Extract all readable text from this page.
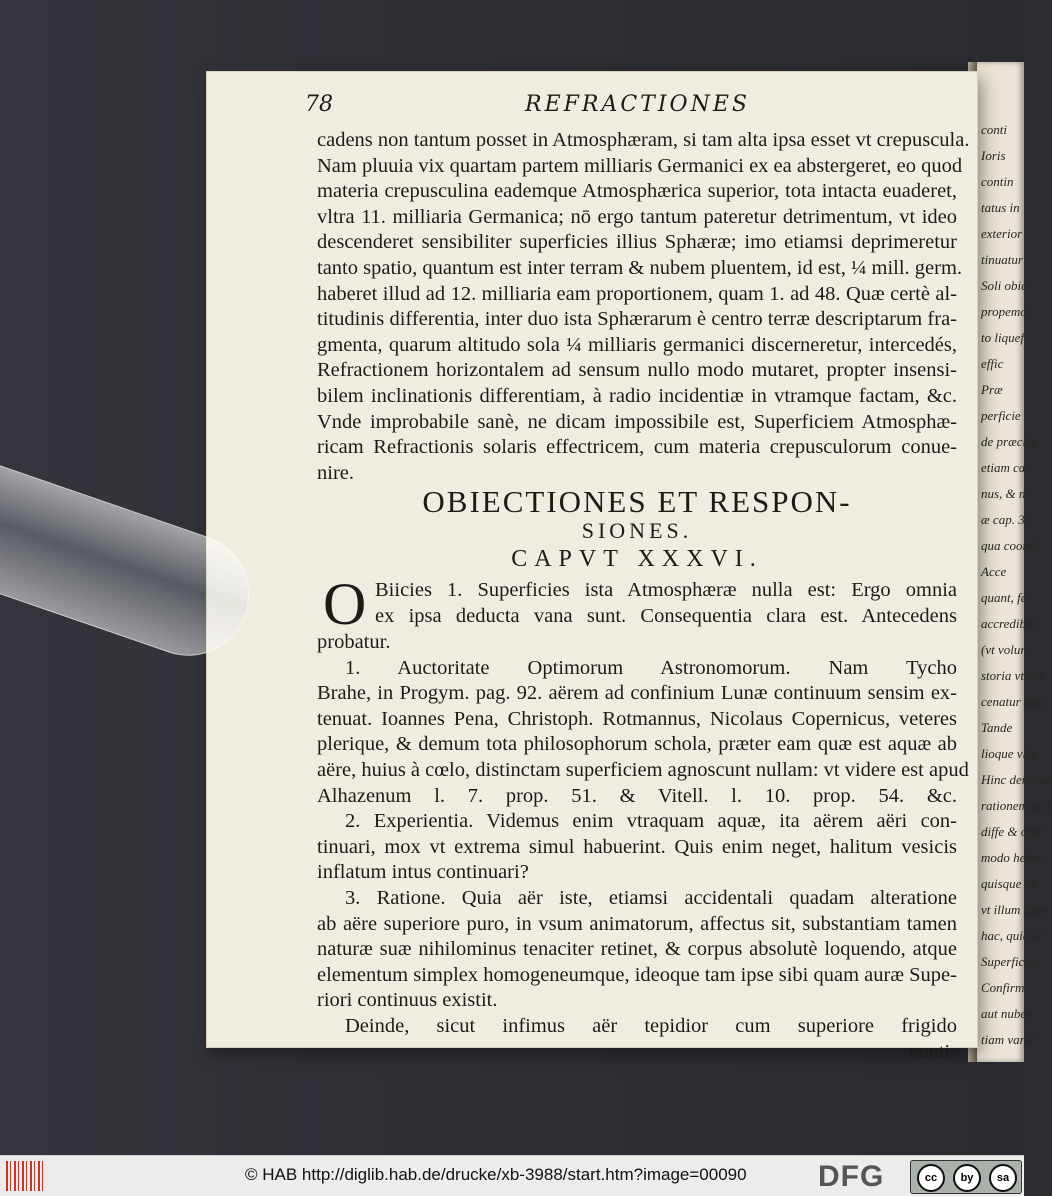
conti
Ioris
contin
tatus in
exterior
tinuatur
Soli obie
propemo
to liquef
effic
Præ
perficie
de præcifa
etiam cœl
nus, & n
æ cap. 32
qua coord
Acce
quant, fe
accredibile
(vt volunt
storia vtcun
cenatur tam
Tande
lioque vlla
Hinc densitas
rationem incl
diffe & ordi
modo heber
quisque au
vt illum fequ
hac, quia te
Superficies
Confirm
aut nubes
tiam varie
78	REFRACTIONES
cadens non tantum posset in Atmosphæram, si tam alta ipsa esset vt crepuscula.
Nam pluuia vix quartam partem milliaris Germanici ex ea abstergeret, eo quod
materia crepusculina eademque Atmosphærica superior, tota intacta euaderet,
vltra 11. milliaria Germanica; nō ergo tantum pateretur detrimentum, vt ideo
descenderet sensibiliter superficies illius Sphæræ; imo etiamsi deprimeretur
tanto spatio, quantum est inter terram & nubem pluentem, id est, ¼ mill. germ.
haberet illud ad 12. milliaria eam proportionem, quam 1. ad 48. Quæ certè al-
titudinis differentia, inter duo ista Sphærarum è centro terræ descriptarum fra-
gmenta, quarum altitudo sola ¼ milliaris germanici discerneretur, intercedés,
Refractionem horizontalem ad sensum nullo modo mutaret, propter insensi-
bilem inclinationis differentiam, à radio incidentiæ in vtramque factam, &c.
Vnde improbabile sanè, ne dicam impossibile est, Superficiem Atmosphæ-
ricam Refractionis solaris effectricem, cum materia crepusculorum conue-
nire.
OBIECTIONES ET RESPON-
SIONES.
CAPVT XXXVI.
O Biicies 1. Superficies ista Atmosphæræ nulla est: Ergo omnia
ex ipsa deducta vana sunt. Consequentia clara est. Antecedens
probatur.
1. Auctoritate Optimorum Astronomorum. Nam Tycho
Brahe, in Progym. pag. 92. aërem ad confinium Lunæ continuum sensim ex-
tenuat. Ioannes Pena, Christoph. Rotmannus, Nicolaus Copernicus, veteres
plerique, & demum tota philosophorum schola, præter eam quæ est aquæ ab
aëre, huius à cœlo, distinctam superficiem agnoscunt nullam: vt videre est apud
Alhazenum l. 7. prop. 51. & Vitell. l. 10. prop. 54. &c.
2. Experientia. Videmus enim vtraquam aquæ, ita aërem aëri con-
tinuari, mox vt extrema simul habuerint. Quis enim neget, halitum vesicis
inflatum intus continuari?
3. Ratione. Quia aër iste, etiamsi accidentali quadam alteratione
ab aëre superiore puro, in vsum animatorum, affectus sit, substantiam tamen
naturæ suæ nihilominus tenaciter retinet, & corpus absolutè loquendo, atque
elementum simplex homogeneumque, ideoque tam ipse sibi quam auræ Supe-
riori continuus existit.
Deinde, sicut infimus aër tepidior cum superiore frigido
conti-
© HAB http://diglib.hab.de/drucke/xb-3988/start.htm?image=00090 DFG	cc	by	sa
